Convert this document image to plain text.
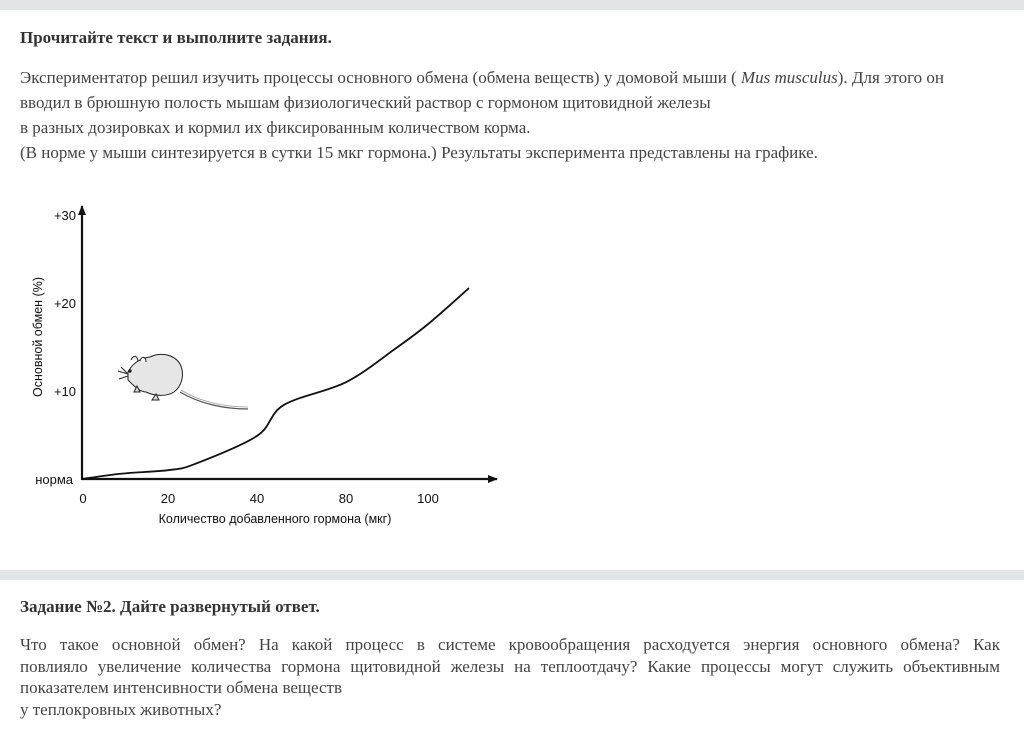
Прочитайте текст и выполните задания.
Экспериментатор решил изучить процессы основного обмена (обмена веществ) у домовой мыши ( Mus musculus). Для этого он
вводил в брюшную полость мышам физиологический раствор с гормоном щитовидной железы
в разных дозировках и кормил их фиксированным количеством корма.
(В норме у мыши синтезируется в сутки 15 мкг гормона.) Результаты эксперимента представлены на графике.
+30
+20
+10
норма
0	20	40	80	100
Количество добавленного гормона (мкг)
Основной обмен (%)
Задание №2. Дайте развернутый ответ.
Что такое основной обмен? На какой процесс в системе кровообращения расходуется энергия основного обмена? Как
повлияло увеличение количества гормона щитовидной железы на теплоотдачу? Какие процессы могут служить объективным
показателем интенсивности обмена веществ
у теплокровных животных?
